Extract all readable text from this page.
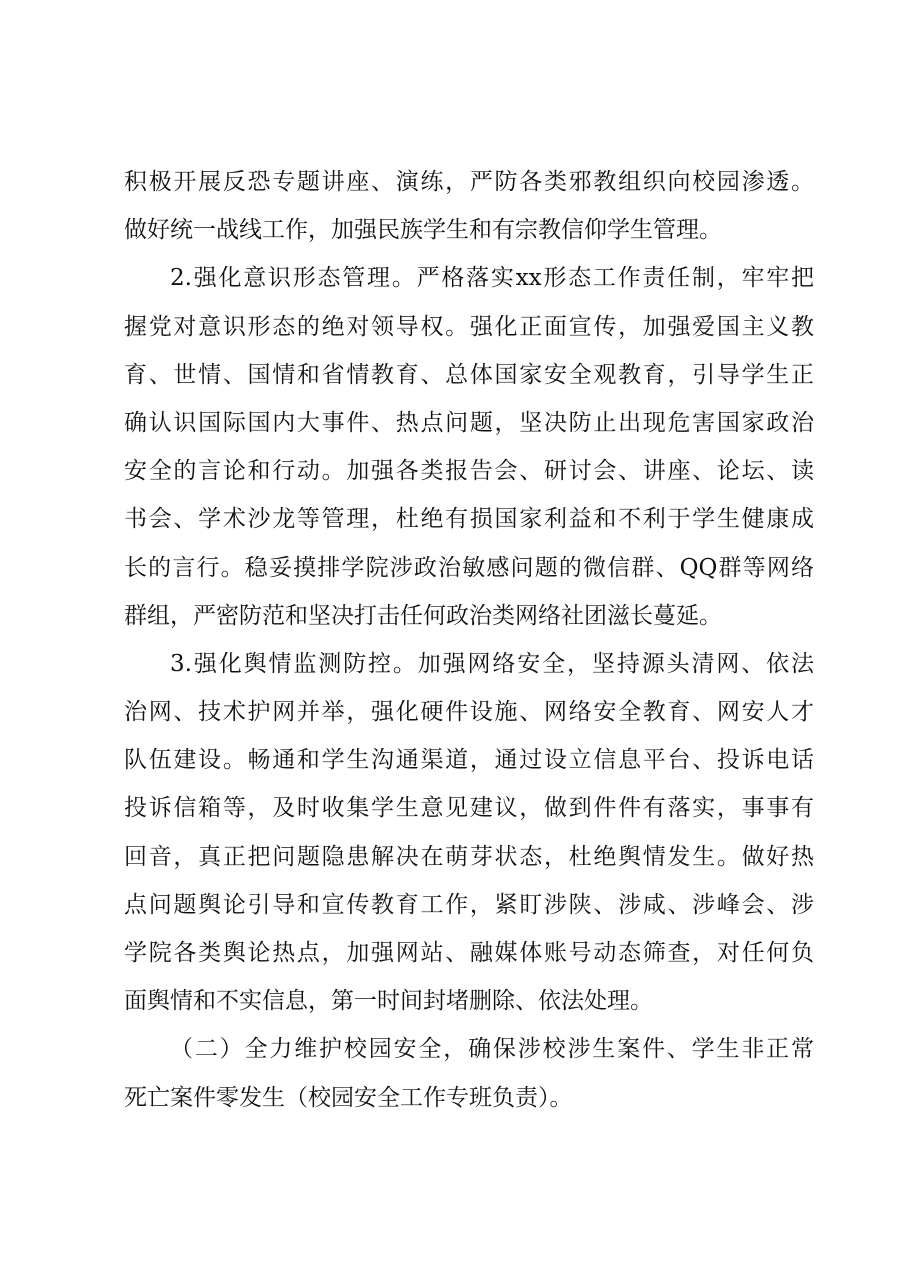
积极开展反恐专题讲座、演练，严防各类邪教组织向校园渗透。
做好统一战线工作，加强民族学生和有宗教信仰学生管理。
2.强化意识形态管理。严格落实xx形态工作责任制，牢牢把
握党对意识形态的绝对领导权。强化正面宣传，加强爱国主义教
育、世情、国情和省情教育、总体国家安全观教育，引导学生正
确认识国际国内大事件、热点问题，坚决防止出现危害国家政治
安全的言论和行动。加强各类报告会、研讨会、讲座、论坛、读
书会、学术沙龙等管理，杜绝有损国家利益和不利于学生健康成
长的言行。稳妥摸排学院涉政治敏感问题的微信群、QQ群等网络
群组，严密防范和坚决打击任何政治类网络社团滋长蔓延。
3.强化舆情监测防控。加强网络安全，坚持源头清网、依法
治网、技术护网并举，强化硬件设施、网络安全教育、网安人才
队伍建设。畅通和学生沟通渠道，通过设立信息平台、投诉电话
投诉信箱等，及时收集学生意见建议，做到件件有落实，事事有
回音，真正把问题隐患解决在萌芽状态，杜绝舆情发生。做好热
点问题舆论引导和宣传教育工作，紧盯涉陕、涉咸、涉峰会、涉
学院各类舆论热点，加强网站、融媒体账号动态筛查，对任何负
面舆情和不实信息，第一时间封堵删除、依法处理。
（二）全力维护校园安全，确保涉校涉生案件、学生非正常
死亡案件零发生（校园安全工作专班负责）。
